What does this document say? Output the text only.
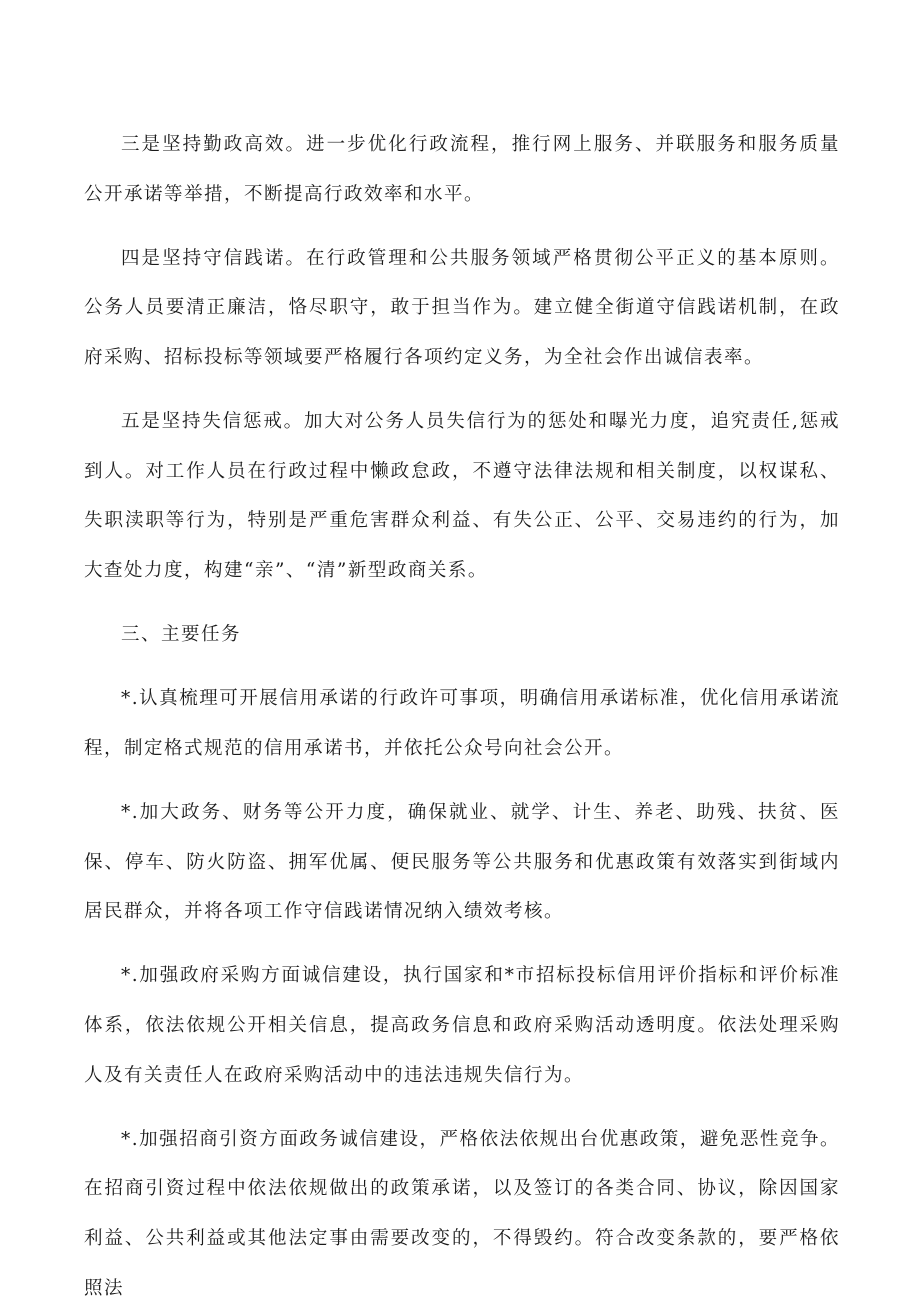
三是坚持勤政高效。进一步优化行政流程，推行网上服务、并联服务和服务质量公开承诺等举措，不断提高行政效率和水平。

四是坚持守信践诺。在行政管理和公共服务领域严格贯彻公平正义的基本原则。公务人员要清正廉洁，恪尽职守，敢于担当作为。建立健全街道守信践诺机制，在政府采购、招标投标等领域要严格履行各项约定义务，为全社会作出诚信表率。

五是坚持失信惩戒。加大对公务人员失信行为的惩处和曝光力度，追究责任,惩戒到人。对工作人员在行政过程中懒政怠政，不遵守法律法规和相关制度，以权谋私、失职渎职等行为，特别是严重危害群众利益、有失公正、公平、交易违约的行为，加大查处力度，构建“亲”、“清”新型政商关系。

三、主要任务

*.认真梳理可开展信用承诺的行政许可事项，明确信用承诺标准，优化信用承诺流程，制定格式规范的信用承诺书，并依托公众号向社会公开。

*.加大政务、财务等公开力度，确保就业、就学、计生、养老、助残、扶贫、医保、停车、防火防盗、拥军优属、便民服务等公共服务和优惠政策有效落实到街域内居民群众，并将各项工作守信践诺情况纳入绩效考核。

*.加强政府采购方面诚信建设，执行国家和*市招标投标信用评价指标和评价标准体系，依法依规公开相关信息，提高政务信息和政府采购活动透明度。依法处理采购人及有关责任人在政府采购活动中的违法违规失信行为。

*.加强招商引资方面政务诚信建设，严格依法依规出台优惠政策，避免恶性竞争。在招商引资过程中依法依规做出的政策承诺，以及签订的各类合同、协议，除因国家利益、公共利益或其他法定事由需要改变的，不得毁约。符合改变条款的，要严格依照法
